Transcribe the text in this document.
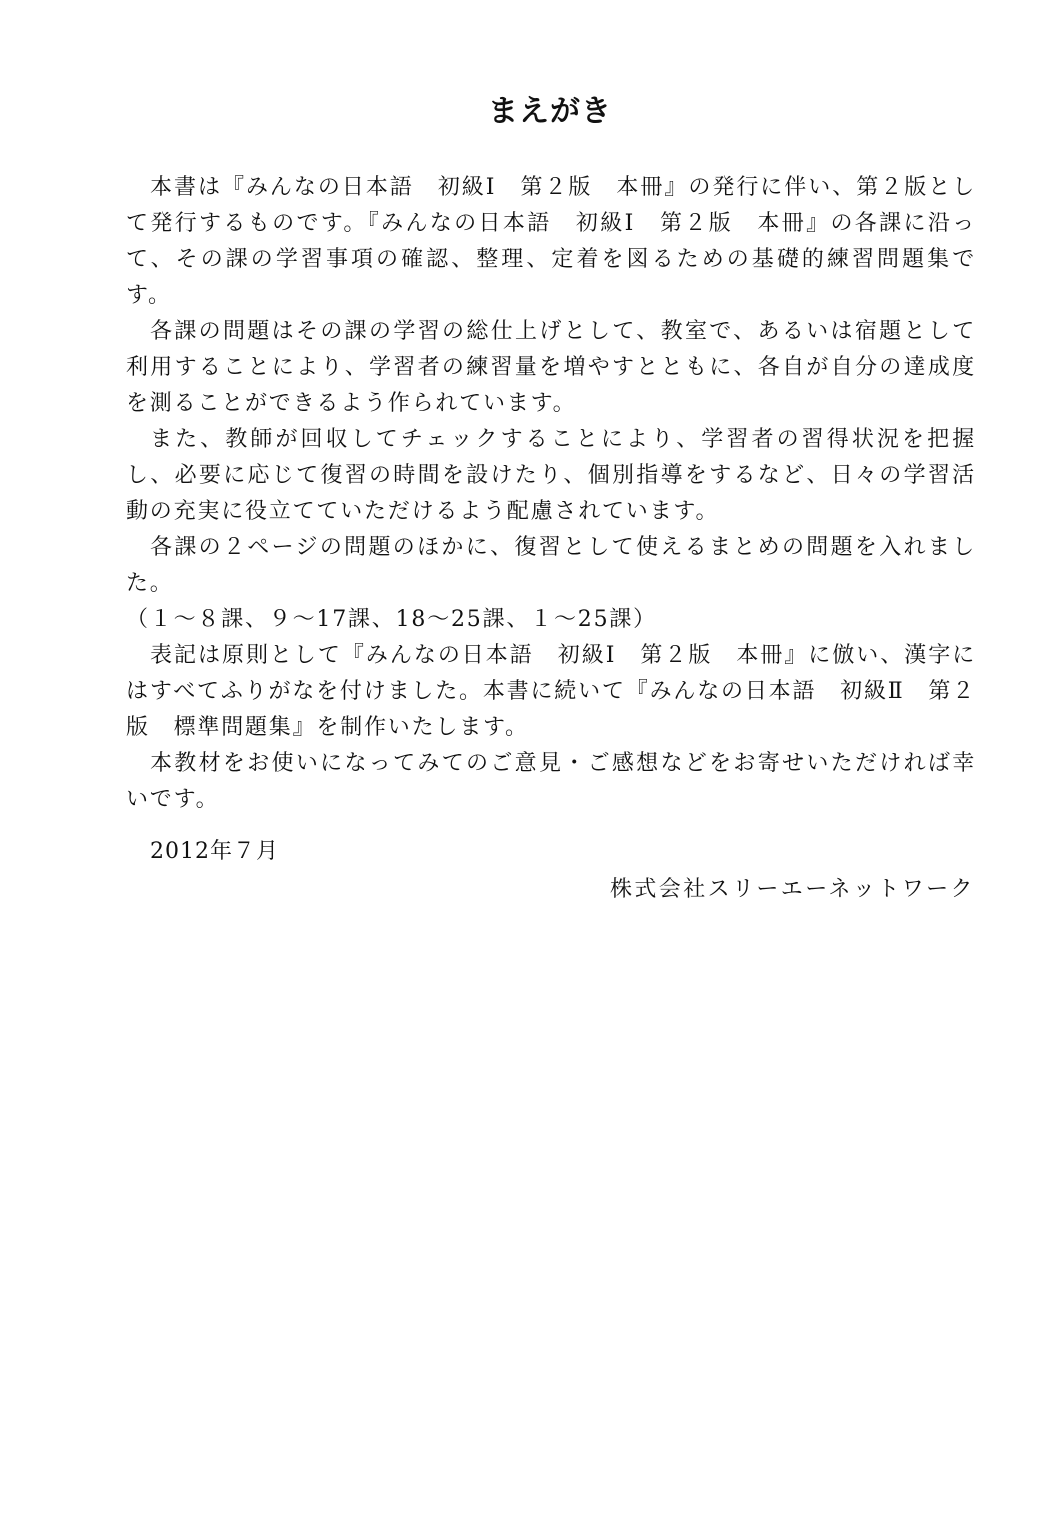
まえがき

本書は『みんなの日本語　初級Ⅰ　第２版　本冊』の発行に伴い、第２版として発行するものです。『みんなの日本語　初級Ⅰ　第２版　本冊』の各課に沿って、その課の学習事項の確認、整理、定着を図るための基礎的練習問題集です。

各課の問題はその課の学習の総仕上げとして、教室で、あるいは宿題として利用することにより、学習者の練習量を増やすとともに、各自が自分の達成度を測ることができるよう作られています。

また、教師が回収してチェックすることにより、学習者の習得状況を把握し、必要に応じて復習の時間を設けたり、個別指導をするなど、日々の学習活動の充実に役立てていただけるよう配慮されています。

各課の２ページの問題のほかに、復習として使えるまとめの問題を入れました。

（１～８課、９～17課、18～25課、１～25課）

表記は原則として『みんなの日本語　初級Ⅰ　第２版　本冊』に倣い、漢字にはすべてふりがなを付けました。本書に続いて『みんなの日本語　初級Ⅱ　第２版　標準問題集』を制作いたします。

本教材をお使いになってみてのご意見・ご感想などをお寄せいただければ幸いです。

2012年７月

株式会社スリーエーネットワーク
